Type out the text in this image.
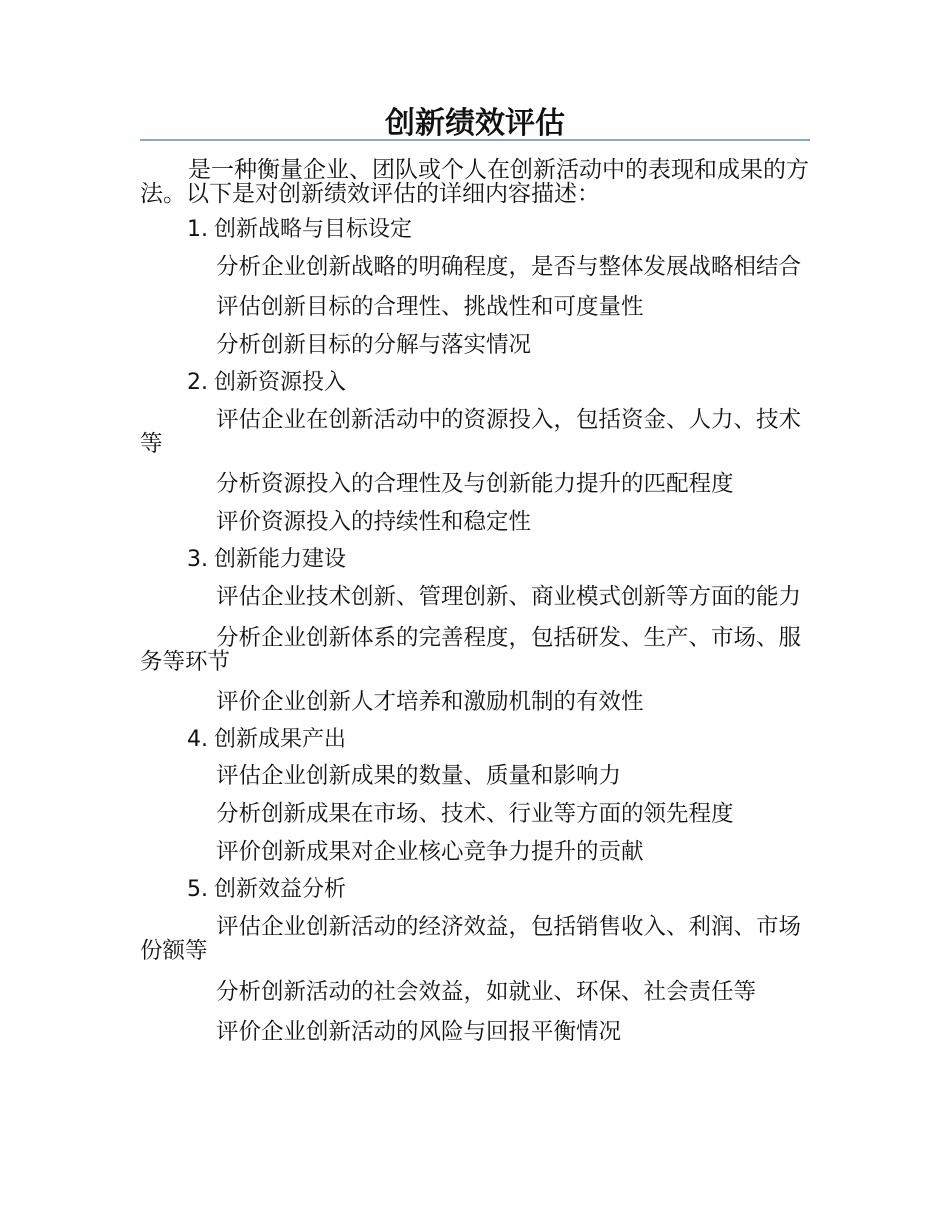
创新绩效评估

是一种衡量企业、团队或个人在创新活动中的表现和成果的方法。以下是对创新绩效评估的详细内容描述：

1. 创新战略与目标设定

分析企业创新战略的明确程度，是否与整体发展战略相结合

评估创新目标的合理性、挑战性和可度量性

分析创新目标的分解与落实情况

2. 创新资源投入

评估企业在创新活动中的资源投入，包括资金、人力、技术等

分析资源投入的合理性及与创新能力提升的匹配程度

评价资源投入的持续性和稳定性

3. 创新能力建设

评估企业技术创新、管理创新、商业模式创新等方面的能力

分析企业创新体系的完善程度，包括研发、生产、市场、服务等环节

评价企业创新人才培养和激励机制的有效性

4. 创新成果产出

评估企业创新成果的数量、质量和影响力

分析创新成果在市场、技术、行业等方面的领先程度

评价创新成果对企业核心竞争力提升的贡献

5. 创新效益分析

评估企业创新活动的经济效益，包括销售收入、利润、市场份额等

分析创新活动的社会效益，如就业、环保、社会责任等

评价企业创新活动的风险与回报平衡情况
